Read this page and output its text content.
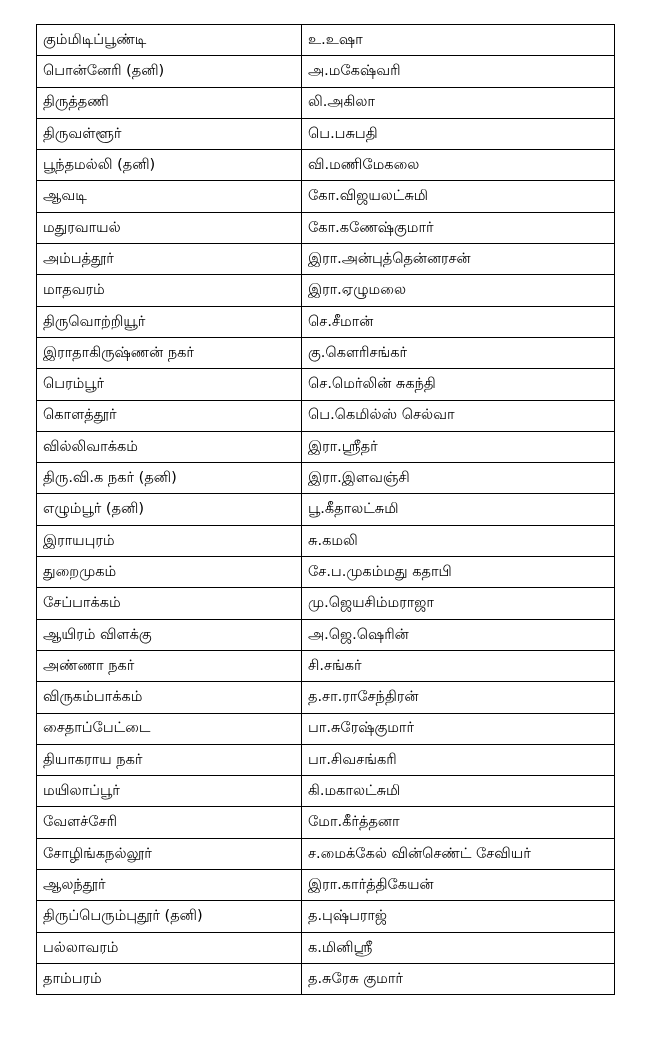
கும்மிடிப்பூண்டி	உ.உஷா
பொன்னேரி (தனி)	அ.மகேஷ்வரி
திருத்தணி	லி.அகிலா
திருவள்ளூர்	பெ.பசுபதி
பூந்தமல்லி (தனி)	வி.மணிமேகலை
ஆவடி	கோ.விஜயலட்சுமி
மதுரவாயல்	கோ.கணேஷ்குமார்
அம்பத்தூர்	இரா.அன்புத்தென்னரசன்
மாதவரம்	இரா.ஏழுமலை
திருவொற்றியூர்	செ.சீமான்
இராதாகிருஷ்ணன் நகர்	கு.கௌரிசங்கர்
பெரம்பூர்	செ.மெர்லின் சுகந்தி
கொளத்தூர்	பெ.கெமில்ஸ் செல்வா
வில்லிவாக்கம்	இரா.ஸ்ரீதர்
திரு.வி.க நகர் (தனி)	இரா.இளவஞ்சி
எழும்பூர் (தனி)	பூ.கீதாலட்சுமி
இராயபுரம்	சு.கமலி
துறைமுகம்	சே.ப.முகம்மது கதாபி
சேப்பாக்கம்	மு.ஜெயசிம்மராஜா
ஆயிரம் விளக்கு	அ.ஜெ.ஷெரின்
அண்ணா நகர்	சி.சங்கர்
விருகம்பாக்கம்	த.சா.ராசேந்திரன்
சைதாப்பேட்டை	பா.சுரேஷ்குமார்
தியாகராய நகர்	பா.சிவசங்கரி
மயிலாப்பூர்	கி.மகாலட்சுமி
வேளச்சேரி	மோ.கீர்த்தனா
சோழிங்கநல்லூர்	ச.மைக்கேல் வின்செண்ட் சேவியர்
ஆலந்தூர்	இரா.கார்த்திகேயன்
திருப்பெரும்புதூர் (தனி)	த.புஷ்பராஜ்
பல்லாவரம்	க.மினிஸ்ரீ
தாம்பரம்	த.சுரேசு குமார்
